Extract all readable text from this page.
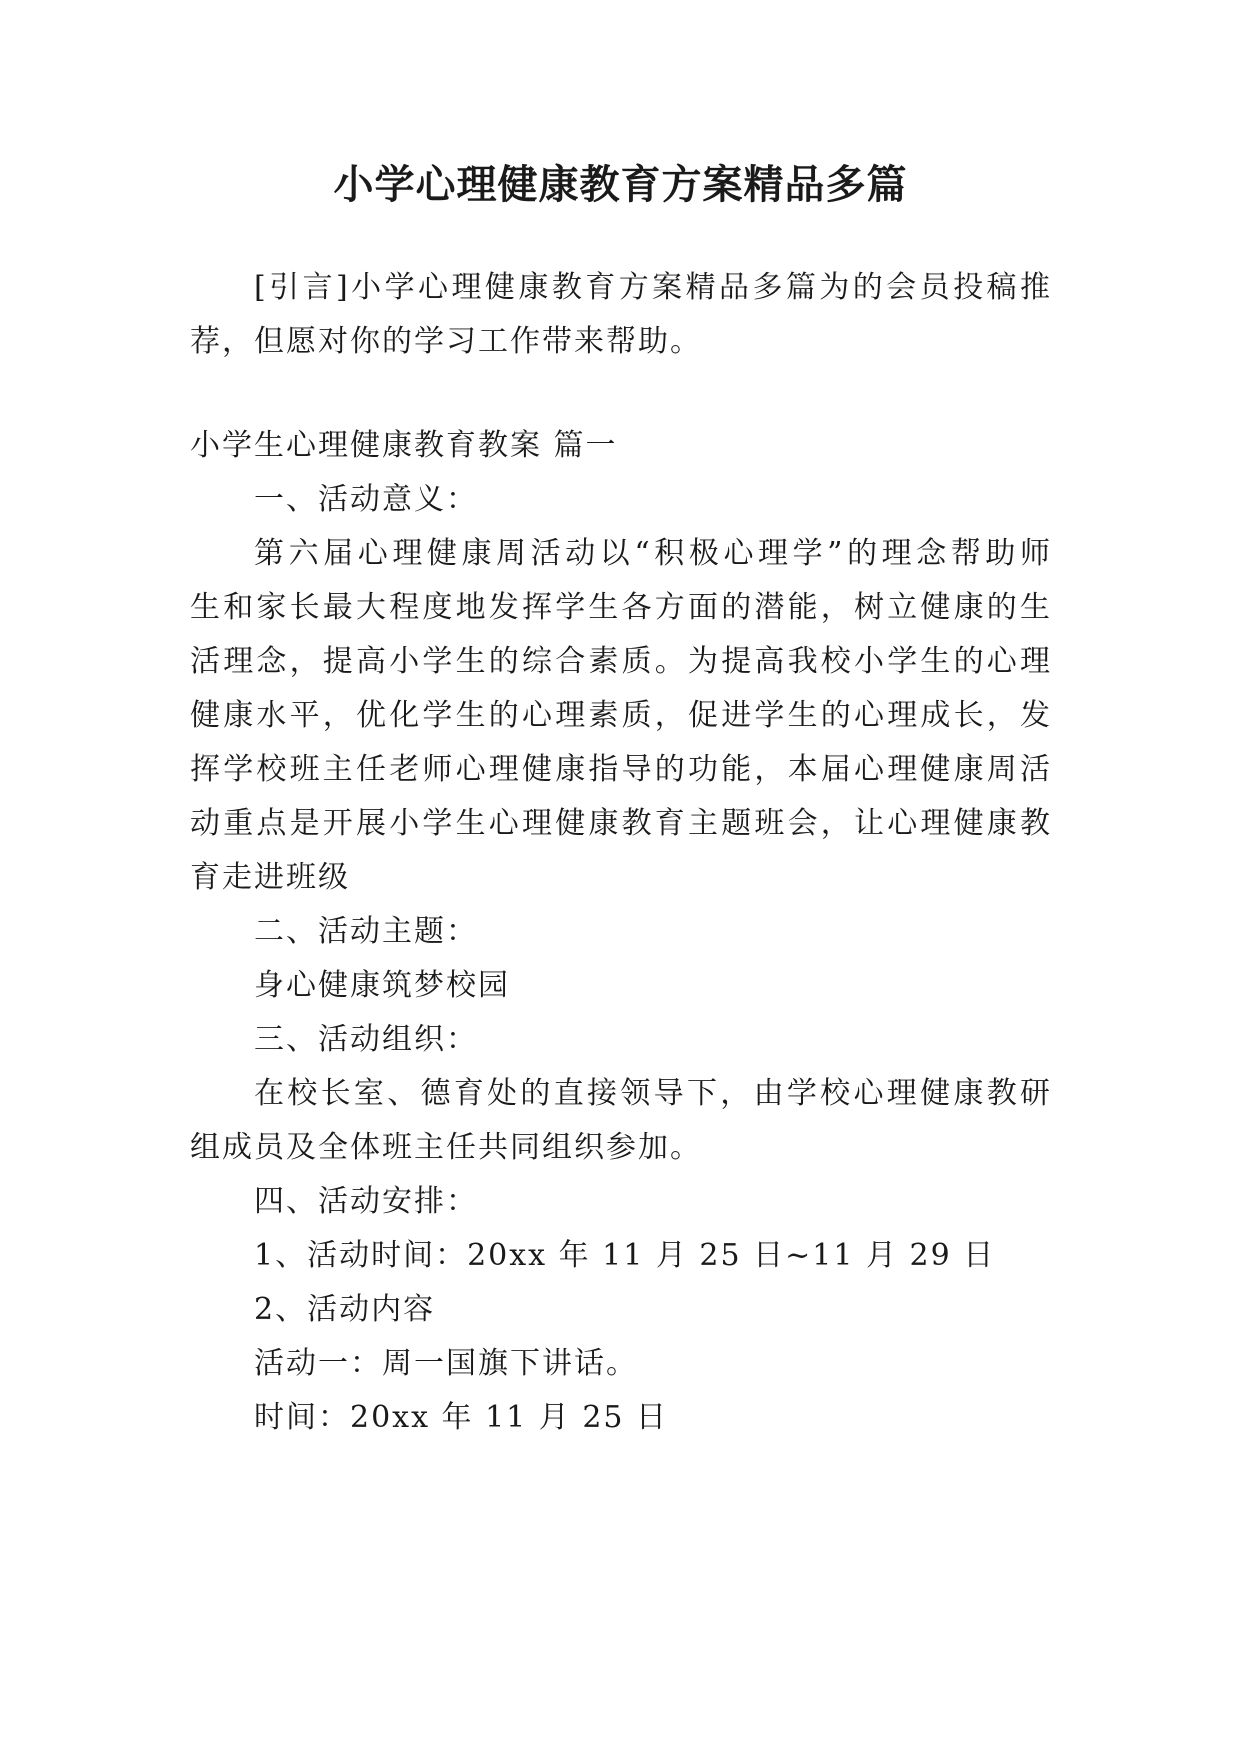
小学心理健康教育方案精品多篇

[引言]小学心理健康教育方案精品多篇为的会员投稿推

荐，但愿对你的学习工作带来帮助。

小学生心理健康教育教案 篇一

一、活动意义：

第六届心理健康周活动以“积极心理学”的理念帮助师

生和家长最大程度地发挥学生各方面的潜能，树立健康的生

活理念，提高小学生的综合素质。为提高我校小学生的心理

健康水平，优化学生的心理素质，促进学生的心理成长，发

挥学校班主任老师心理健康指导的功能，本届心理健康周活

动重点是开展小学生心理健康教育主题班会，让心理健康教

育走进班级

二、活动主题：

身心健康筑梦校园

三、活动组织：

在校长室、德育处的直接领导下，由学校心理健康教研

组成员及全体班主任共同组织参加。

四、活动安排：

1、活动时间：20xx 年 11 月 25 日~11 月 29 日

2、活动内容

活动一：周一国旗下讲话。

时间：20xx 年 11 月 25 日
